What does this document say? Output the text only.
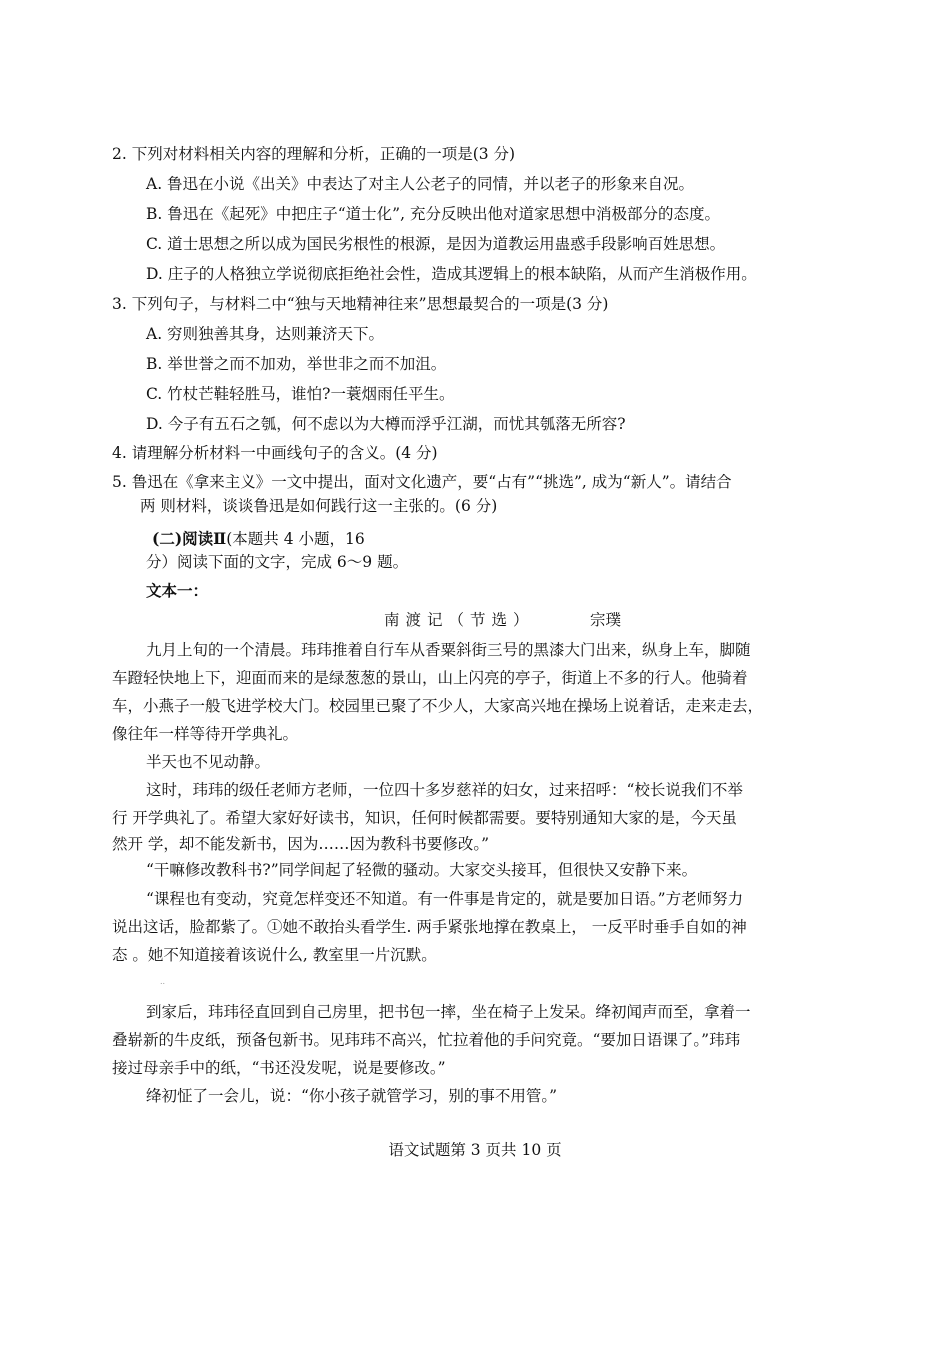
2. 下列对材料相关内容的理解和分析，正确的一项是(3 分)
A. 鲁迅在小说《出关》中表达了对主人公老子的同情，并以老子的形象来自况。
B. 鲁迅在《起死》中把庄子“道士化”, 充分反映出他对道家思想中消极部分的态度。
C. 道士思想之所以成为国民劣根性的根源，是因为道教运用蛊惑手段影响百姓思想。
D. 庄子的人格独立学说彻底拒绝社会性，造成其逻辑上的根本缺陷，从而产生消极作用。
3. 下列句子，与材料二中“独与天地精神往来”思想最契合的一项是(3 分)
A. 穷则独善其身，达则兼济天下。
B. 举世誉之而不加劝，举世非之而不加沮。
C. 竹杖芒鞋轻胜马，谁怕?一蓑烟雨任平生。
D. 今子有五石之瓠，何不虑以为大樽而浮乎江湖，而忧其瓠落无所容?
4. 请理解分析材料一中画线句子的含义。(4 分)
5. 鲁迅在《拿来主义》一文中提出，面对文化遗产，要“占有”“挑选”, 成为“新人”。请结合
两 则材料，谈谈鲁迅是如何践行这一主张的。(6 分)
(二)阅读Ⅱ(本题共 4 小题，16
分）阅读下面的文字，完成 6～9 题。
文本一：
南渡记（节选）	宗璞
九月上旬的一个清晨。玮玮推着自行车从香粟斜街三号的黑漆大门出来，纵身上车，脚随
车蹬轻快地上下，迎面而来的是绿葱葱的景山，山上闪亮的亭子，街道上不多的行人。他骑着
车，小燕子一般飞进学校大门。校园里已聚了不少人，大家高兴地在操场上说着话，走来走去，
像往年一样等待开学典礼。
半天也不见动静。
这时，玮玮的级任老师方老师，一位四十多岁慈祥的妇女，过来招呼：“校长说我们不举
行 开学典礼了。希望大家好好读书，知识，任何时候都需要。要特别通知大家的是，今天虽
然开 学，却不能发新书，因为……因为教科书要修改。”
“干嘛修改教科书?”同学间起了轻微的骚动。大家交头接耳，但很快又安静下来。
“课程也有变动，究竟怎样变还不知道。有一件事是肯定的，就是要加日语。”方老师努力
说出这话，脸都紫了。①她不敢抬头看学生. 两手紧张地撑在教桌上， 一反平时垂手自如的神
态 。她不知道接着该说什么, 教室里一片沉默。
..
到家后，玮玮径直回到自己房里，把书包一摔，坐在椅子上发呆。绛初闻声而至，拿着一
叠崭新的牛皮纸，预备包新书。见玮玮不高兴，忙拉着他的手问究竟。“要加日语课了。”玮玮
接过母亲手中的纸，“书还没发呢，说是要修改。”
绛初怔了一会儿，说：“你小孩子就管学习，别的事不用管。”
语文试题第 3 页共 10 页
